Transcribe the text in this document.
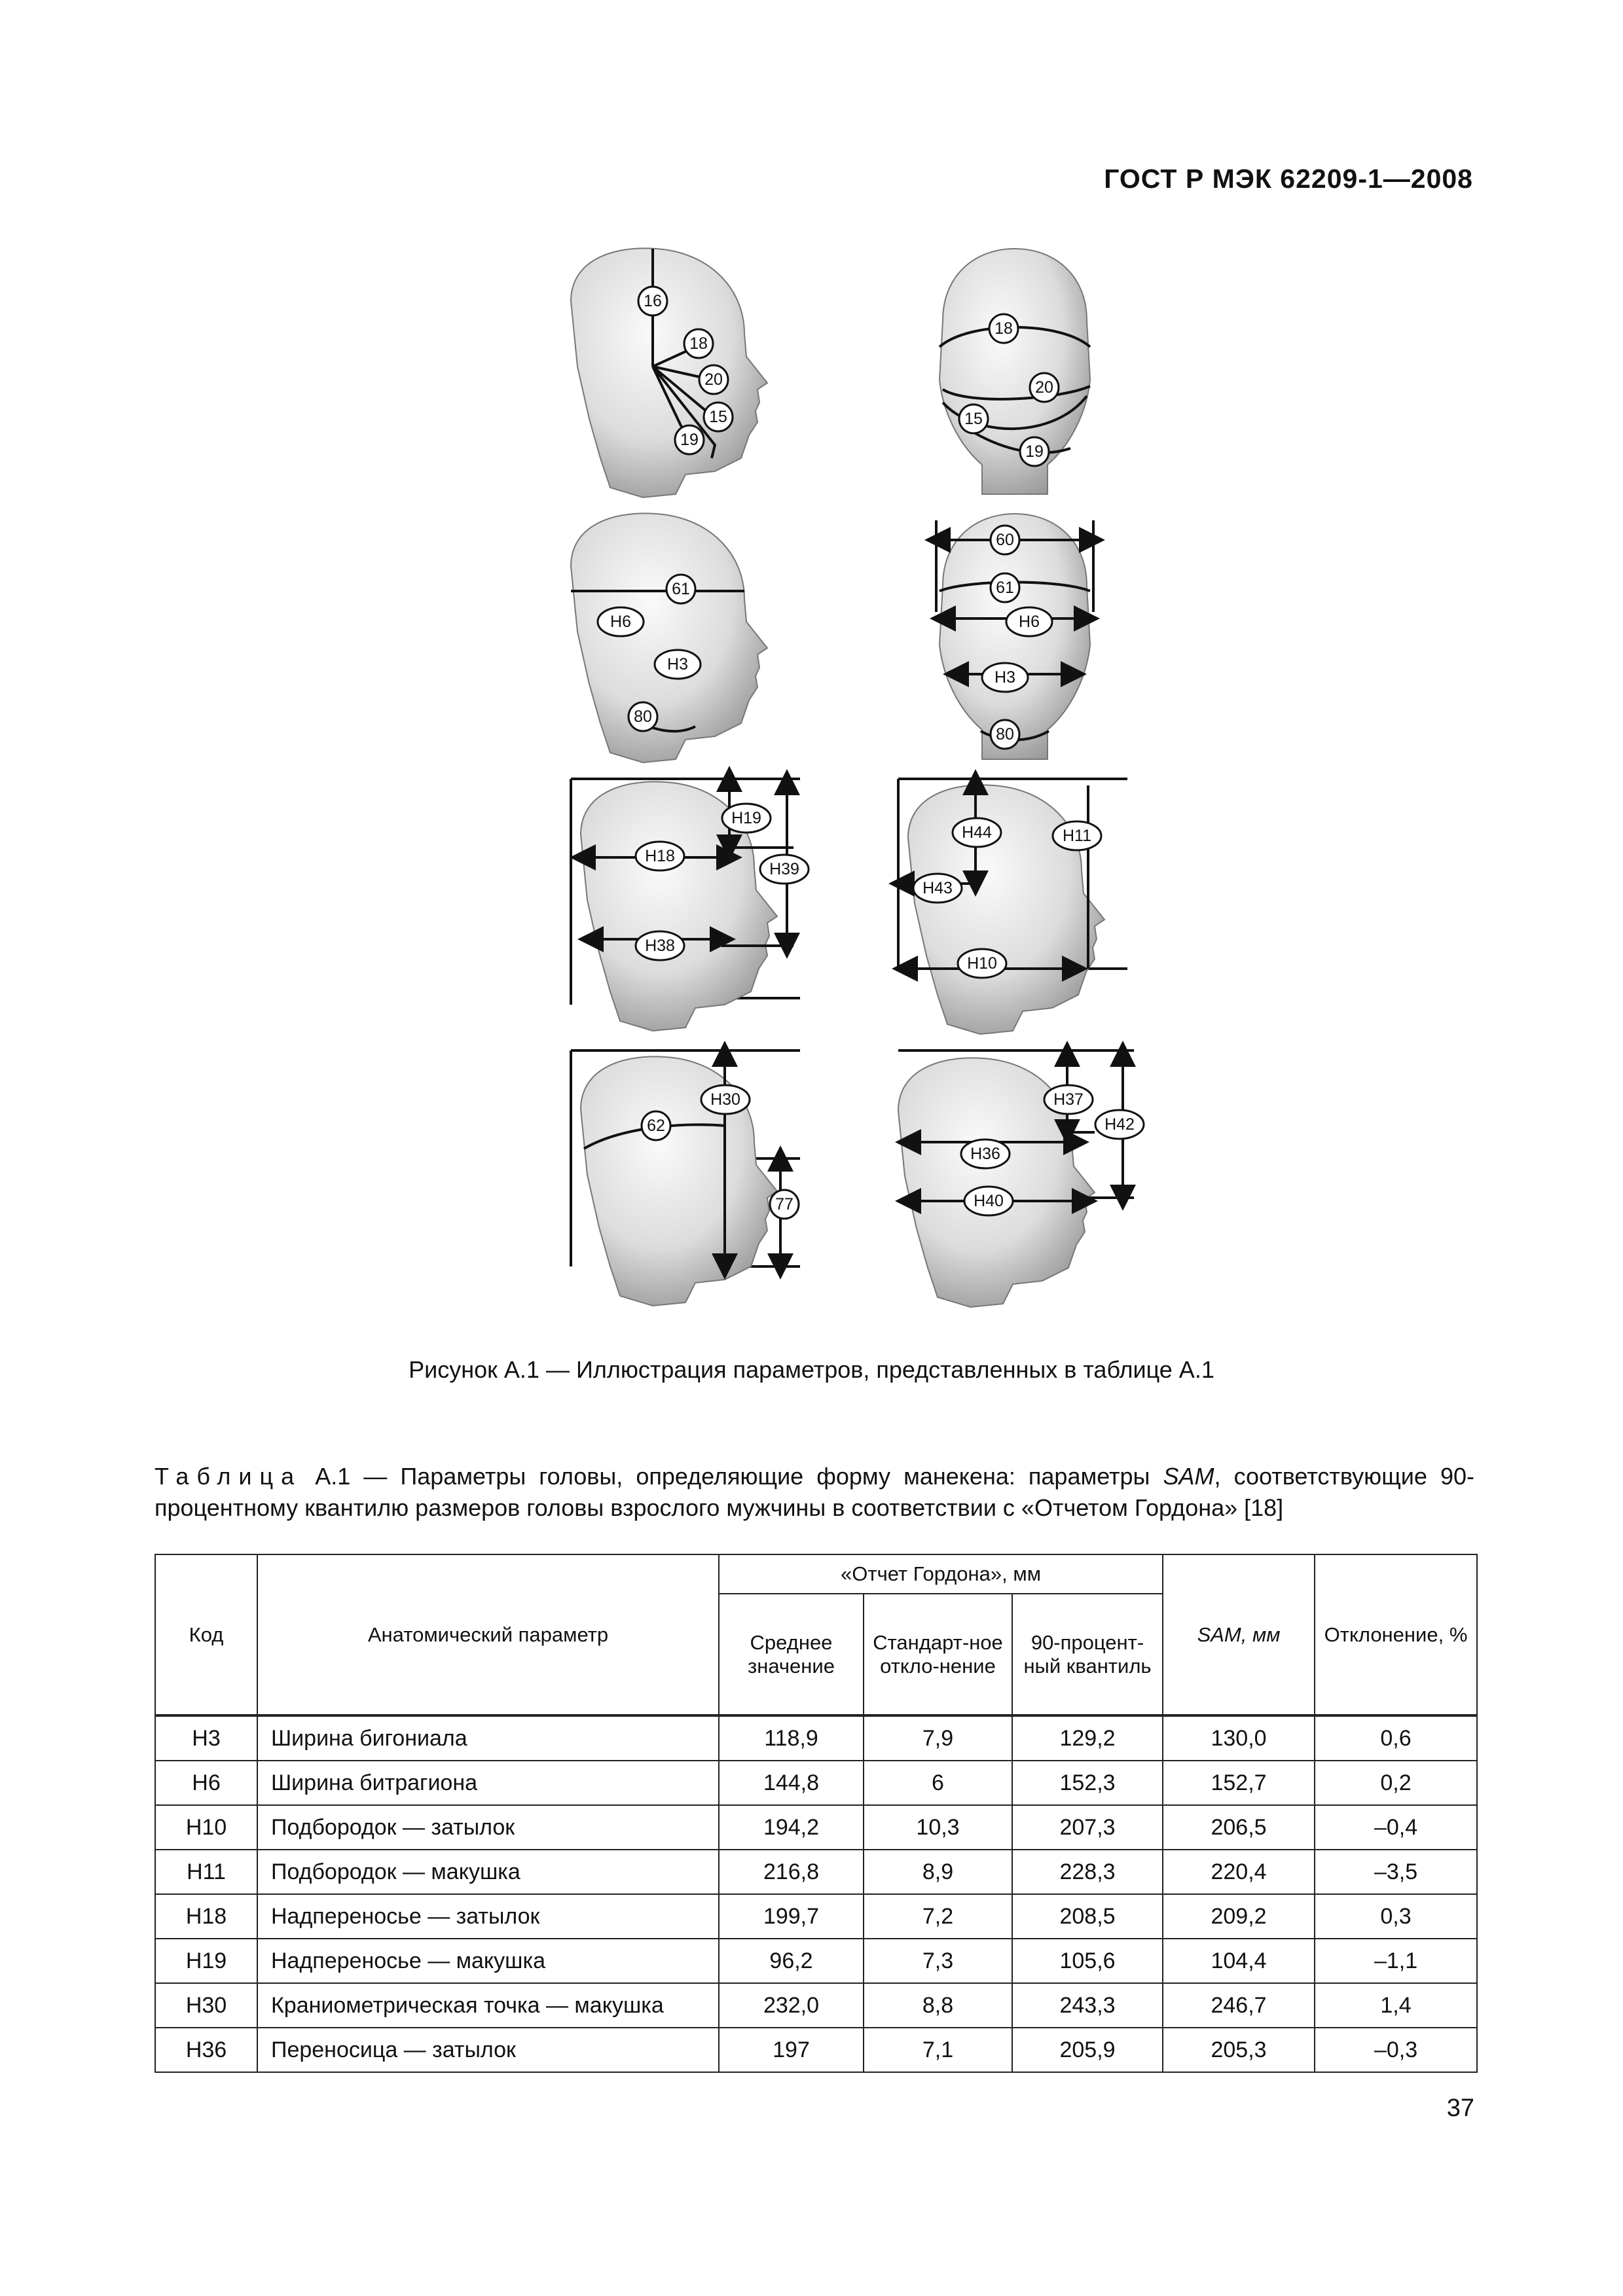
ГОСТ Р МЭК 62209-1—2008
16
18
20
15
19
18
20
15
19
61
H6
H3
80
60
61
H6
H3
80
H19
H18
H39
H38
H44	H11
H43
H10
H30
62
77
H37
H42
H36
H40
Рисунок А.1 — Иллюстрация параметров, представленных в таблице А.1
Таблица А.1 — Параметры головы, определяющие форму манекена: параметры SAM, соответствующие 90-процентному квантилю размеров головы взрослого мужчины в соответствии с «Отчетом Гордона» [18]
Код	Анатомический параметр	«Отчет Гордона», мм			SAM, мм	Отклонение, %
		Среднее значение	Стандарт-ное откло-нение	90-процент-ный квантиль		
Н3	Ширина бигониала	118,9	7,9	129,2	130,0	0,6
Н6	Ширина битрагиона	144,8	6	152,3	152,7	0,2
Н10	Подбородок — затылок	194,2	10,3	207,3	206,5	–0,4
Н11	Подбородок — макушка	216,8	8,9	228,3	220,4	–3,5
Н18	Надпереносье — затылок	199,7	7,2	208,5	209,2	0,3
Н19	Надпереносье — макушка	96,2	7,3	105,6	104,4	–1,1
Н30	Краниометрическая точка — макушка	232,0	8,8	243,3	246,7	1,4
Н36	Переносица — затылок	197	7,1	205,9	205,3	–0,3
37
